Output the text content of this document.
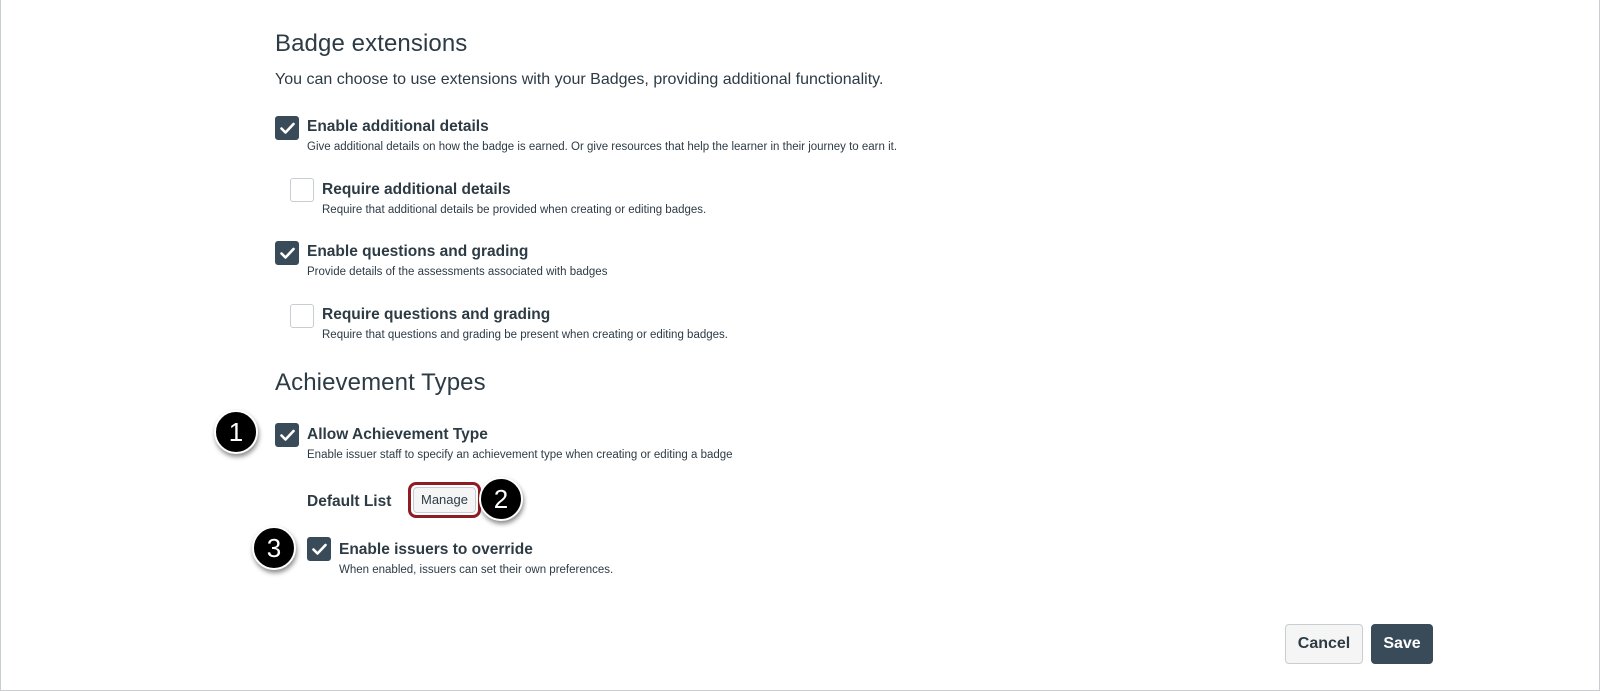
Badge extensions
You can choose to use extensions with your Badges, providing additional functionality.
Enable additional details
Give additional details on how the badge is earned. Or give resources that help the learner in their journey to earn it.
Require additional details
Require that additional details be provided when creating or editing badges.
Enable questions and grading
Provide details of the assessments associated with badges
Require questions and grading
Require that questions and grading be present when creating or editing badges.
Achievement Types
1	Allow Achievement Type
Enable issuer staff to specify an achievement type when creating or editing a badge
Default List	Manage 2
3	Enable issuers to override
When enabled, issuers can set their own preferences.
Cancel	Save
